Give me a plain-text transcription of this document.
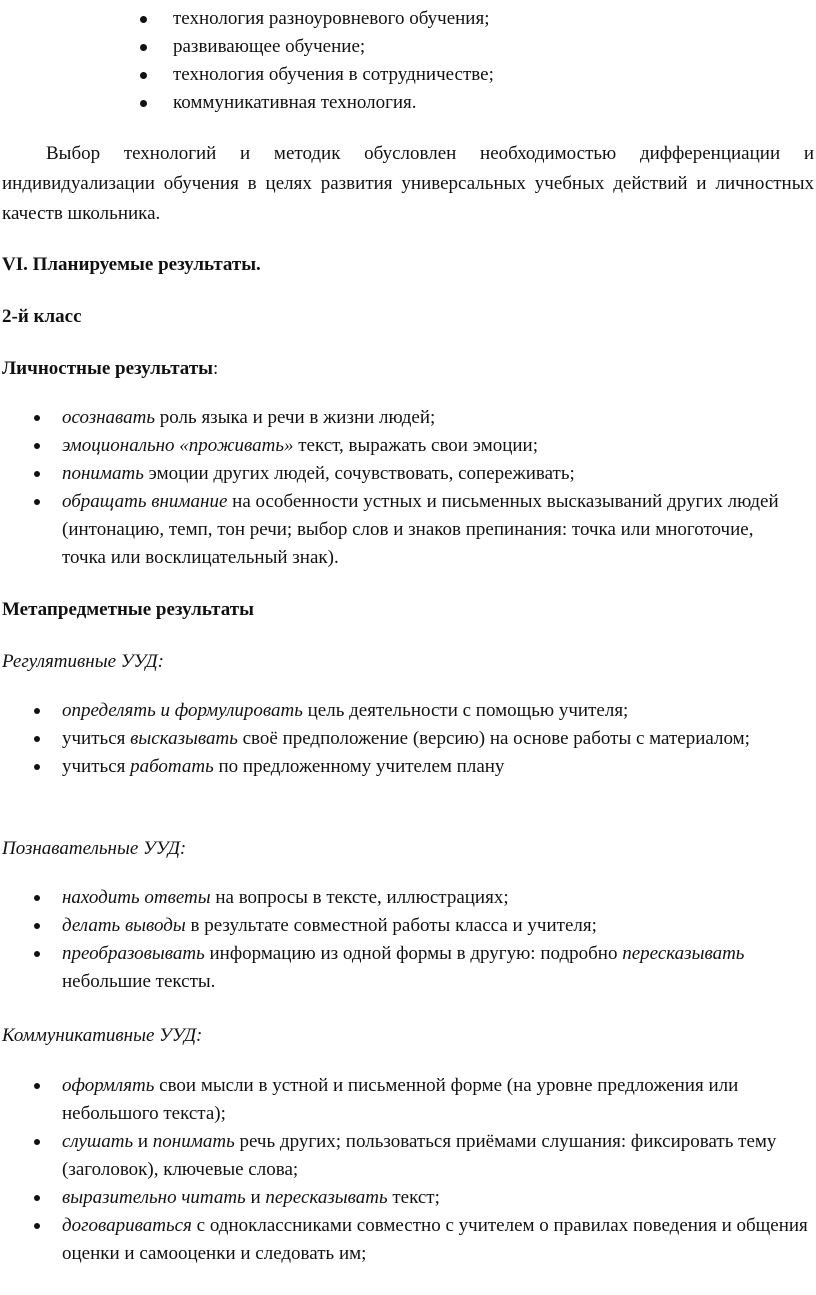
технология разноуровневого обучения;
развивающее обучение;
технология обучения в сотрудничестве;
коммуникативная технология.

Выбор технологий и методик обусловлен необходимостью дифференциации и индивидуализации обучения в целях развития универсальных учебных действий и личностных качеств школьника.

VI. Планируемые результаты.
2-й класс
Личностные результаты:
осознавать роль языка и речи в жизни людей;
эмоционально «проживать» текст, выражать свои эмоции;
понимать эмоции других людей, сочувствовать, сопереживать;
обращать внимание на особенности устных и письменных высказываний других людей (интонацию, темп, тон речи; выбор слов и знаков препинания: точка или многоточие, точка или восклицательный знак).
Метапредметные результаты
Регулятивные УУД:
определять и формулировать цель деятельности с помощью учителя;
учиться высказывать своё предположение (версию) на основе работы с материалом;
учиться работать по предложенному учителем плану
Познавательные УУД:
находить ответы на вопросы в тексте, иллюстрациях;
делать выводы в результате совместной работы класса и учителя;
преобразовывать информацию из одной формы в другую: подробно пересказывать небольшие тексты.
Коммуникативные УУД:
оформлять свои мысли в устной и письменной форме (на уровне предложения или небольшого текста);
слушать и понимать речь других; пользоваться приёмами слушания: фиксировать тему (заголовок), ключевые слова;
выразительно читать и пересказывать текст;
договариваться с одноклассниками совместно с учителем о правилах поведения и общения оценки и самооценки и следовать им;
